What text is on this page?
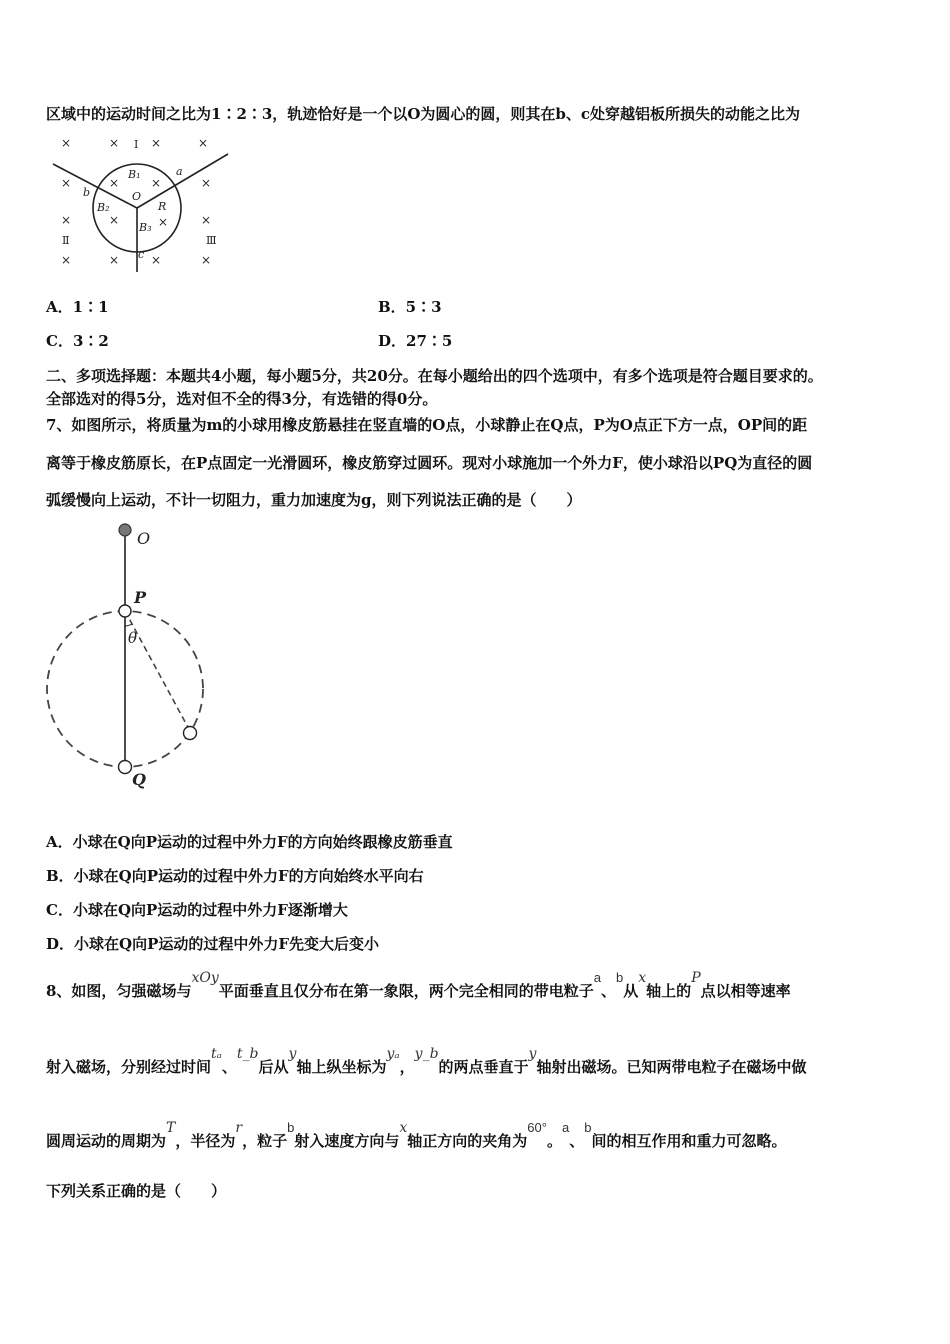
区域中的运动时间之比为1∶2∶3，轨迹恰好是一个以O为圆心的圆，则其在b、c处穿越铝板所损失的动能之比为
×	×	×	×
×	×	×	×
×	×	×	×
×	×	×	×
Ⅰ
Ⅱ	Ⅲ
a
b
c
O
R
B₁
B₂
B₃
A．1∶1	B．5∶3
C．3∶2	D．27∶5
二、多项选择题：本题共4小题，每小题5分，共20分。在每小题给出的四个选项中，有多个选项是符合题目要求的。
全部选对的得5分，选对但不全的得3分，有选错的得0分。
7、如图所示，将质量为m的小球用橡皮筋悬挂在竖直墙的O点，小球静止在Q点，P为O点正下方一点，OP间的距
离等于橡皮筋原长，在P点固定一光滑圆环，橡皮筋穿过圆环。现对小球施加一个外力F，使小球沿以PQ为直径的圆
弧缓慢向上运动，不计一切阻力，重力加速度为g，则下列说法正确的是（　　）
O
P
θ
Q
A．小球在Q向P运动的过程中外力F的方向始终跟橡皮筋垂直
B．小球在Q向P运动的过程中外力F的方向始终水平向右
C．小球在Q向P运动的过程中外力F逐渐增大
D．小球在Q向P运动的过程中外力F先变大后变小
8、如图，匀强磁场与xOy平面垂直且仅分布在第一象限，两个完全相同的带电粒子a、b从x轴上的P点以相等速率
射入磁场，分别经过时间tₐ、t_b后从y轴上纵坐标为yₐ，y_b的两点垂直于y轴射出磁场。已知两带电粒子在磁场中做
圆周运动的周期为T，半径为r，粒子b射入速度方向与x轴正方向的夹角为60°。a、b间的相互作用和重力可忽略。
下列关系正确的是（　　）
